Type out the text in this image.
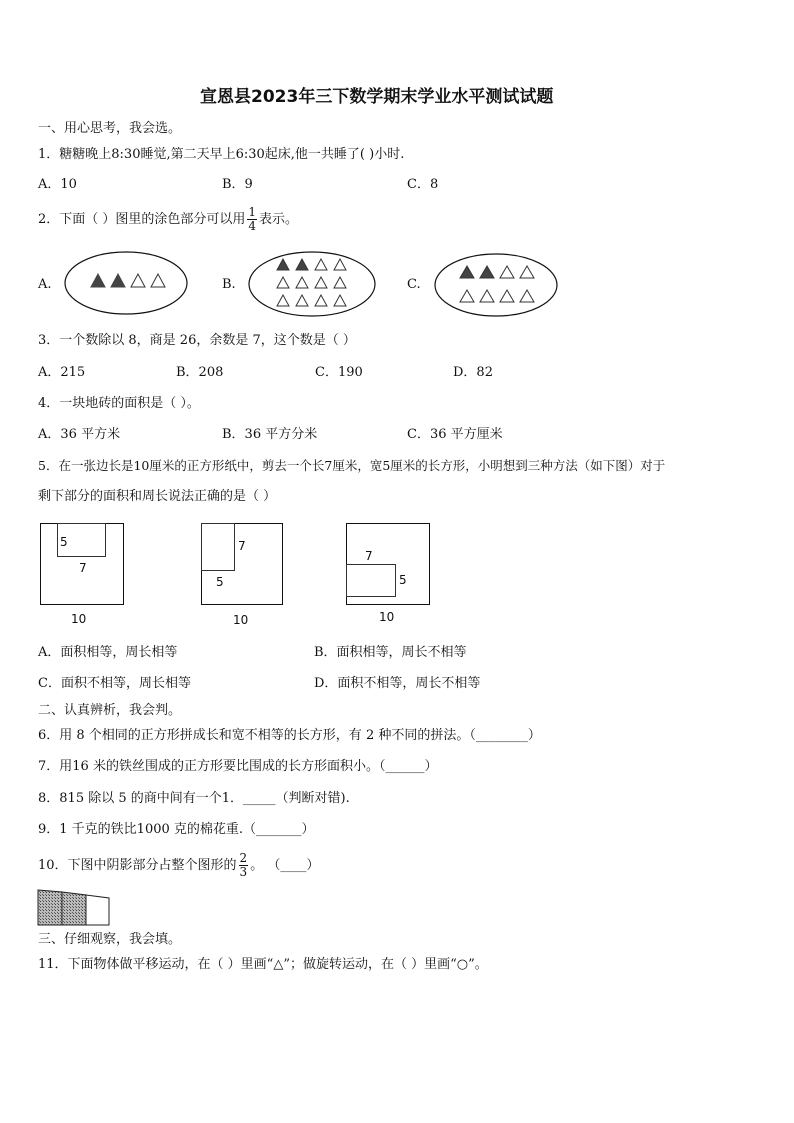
宣恩县2023年三下数学期末学业水平测试试题
一、用心思考，我会选。
1．糖糖晚上8:30睡觉,第二天早上6:30起床,他一共睡了( )小时.
A．10	B．9	C．8
2．下面（ ）图里的涂色部分可以用 $\frac{1}{4}$ 表示。
A.	B.	C.
3．一个数除以 8，商是 26，余数是 7，这个数是（ ）
A．215	B．208	C．190	D．82
4．一块地砖的面积是（ ）。
A．36 平方米	B．36 平方分米	C．36 平方厘米
5．在一张边长是10厘米的正方形纸中，剪去一个长7厘米，宽5厘米的长方形，小明想到三种方法（如下图）对于
剩下部分的面积和周长说法正确的是（ ）
5
7
10
7
5
10
7
5
10
A．面积相等，周长相等	B．面积相等，周长不相等
C．面积不相等，周长相等	D．面积不相等，周长不相等
二、认真辨析，我会判。
6．用 8 个相同的正方形拼成长和宽不相等的长方形，有 2 种不同的拼法。（________）
7．用16 米的铁丝围成的正方形要比围成的长方形面积小。（______）
8．815 除以 5 的商中间有一个1．_____（判断对错).
9．1 千克的铁比1000 克的棉花重.（_______）
10．下图中阴影部分占整个图形的 $\frac{2}{3}$ 。 （____）
三、仔细观察，我会填。
11．下面物体做平移运动，在（ ）里画“△”；做旋转运动，在（ ）里画“○”。
